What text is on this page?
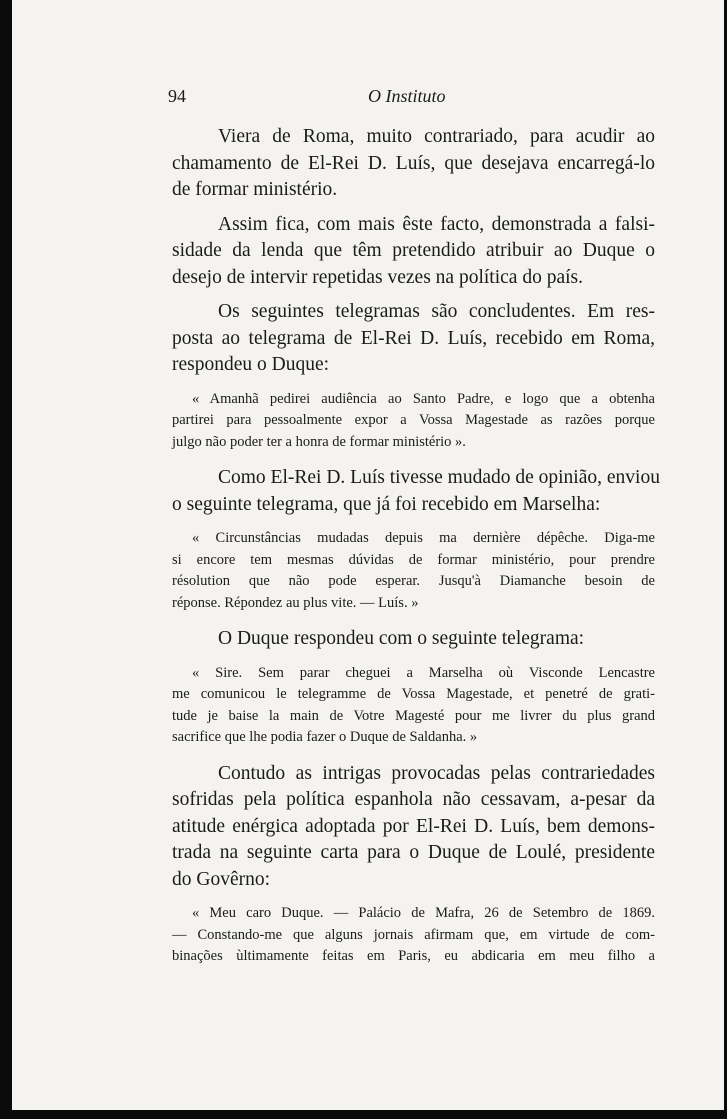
94	O Instituto
Viera de Roma, muito contrariado, para acudir ao
chamamento de El-Rei D. Luís, que desejava encarregá-lo
de formar ministério.
Assim fica, com mais êste facto, demonstrada a falsi-
sidade da lenda que têm pretendido atribuir ao Duque o
desejo de intervir repetidas vezes na política do país.
Os seguintes telegramas são concludentes. Em res-
posta ao telegrama de El-Rei D. Luís, recebido em Roma,
respondeu o Duque:
« Amanhã pedirei audiência ao Santo Padre, e logo que a obtenha
partirei para pessoalmente expor a Vossa Magestade as razões porque
julgo não poder ter a honra de formar ministério ».
Como El-Rei D. Luís tivesse mudado de opinião, enviou
o seguinte telegrama, que já foi recebido em Marselha:
« Circunstâncias mudadas depuis ma dernière dépêche. Diga-me
si encore tem mesmas dúvidas de formar ministério, pour prendre
résolution que não pode esperar. Jusqu'à Diamanche besoin de
réponse. Répondez au plus vite. — Luís. »
O Duque respondeu com o seguinte telegrama:
« Sire. Sem parar cheguei a Marselha où Visconde Lencastre
me comunicou le telegramme de Vossa Magestade, et penetré de grati-
tude je baise la main de Votre Magesté pour me livrer du plus grand
sacrifice que lhe podia fazer o Duque de Saldanha. »
Contudo as intrigas provocadas pelas contrariedades
sofridas pela política espanhola não cessavam, a-pesar da
atitude enérgica adoptada por El-Rei D. Luís, bem demons-
trada na seguinte carta para o Duque de Loulé, presidente
do Govêrno:
« Meu caro Duque. — Palácio de Mafra, 26 de Setembro de 1869.
— Constando-me que alguns jornais afirmam que, em virtude de com-
binações ùltimamente feitas em Paris, eu abdicaria em meu filho a
